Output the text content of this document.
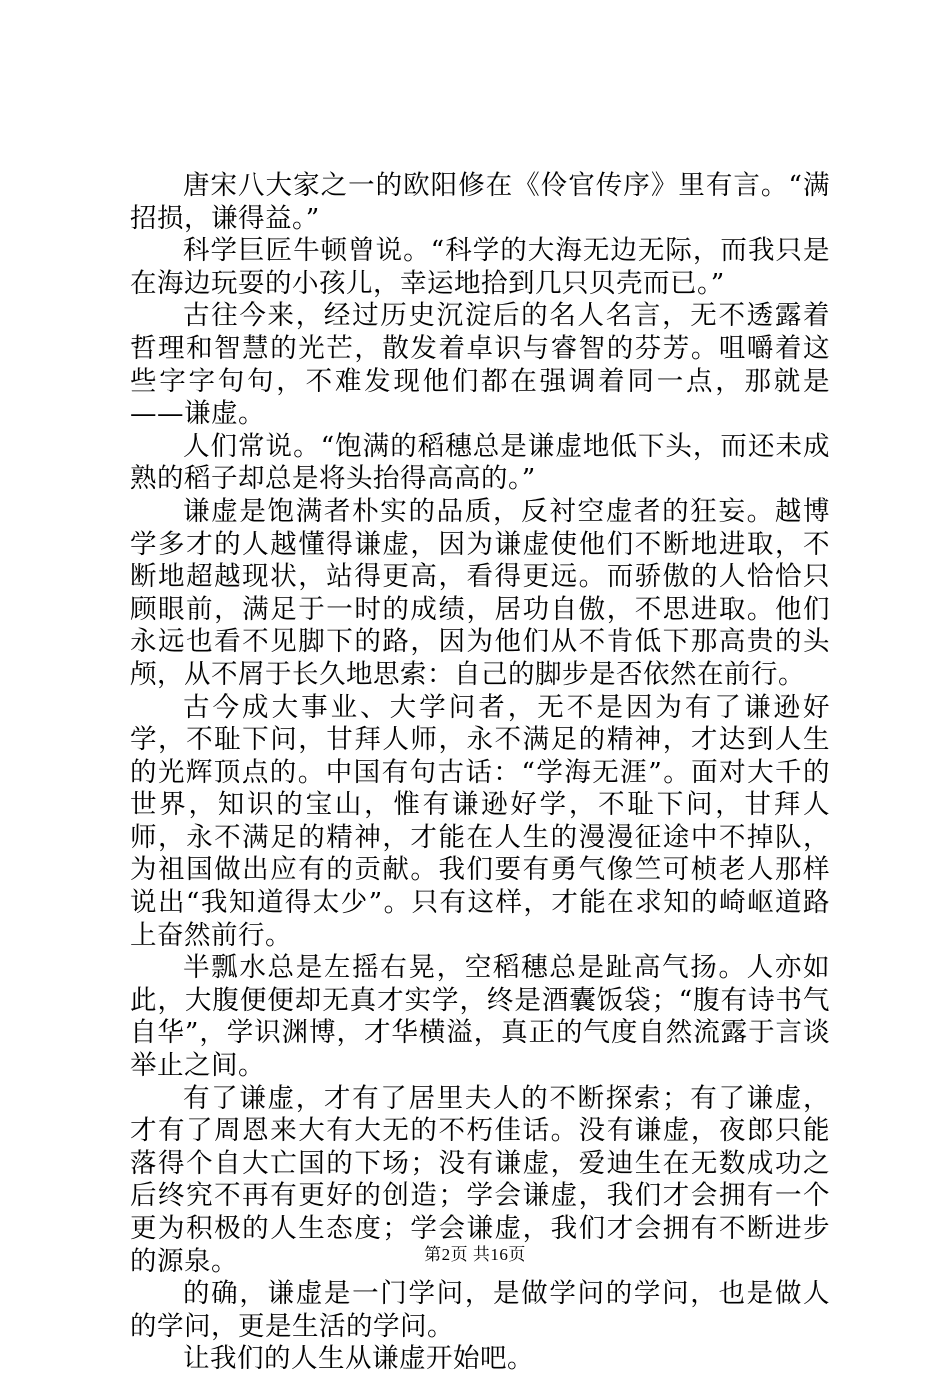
唐宋八大家之一的欧阳修在《伶官传序》里有言。“满招损，谦得益。”

科学巨匠牛顿曾说。“科学的大海无边无际，而我只是在海边玩耍的小孩儿，幸运地拾到几只贝壳而已。”

古往今来，经过历史沉淀后的名人名言，无不透露着哲理和智慧的光芒，散发着卓识与睿智的芬芳。咀嚼着这些字字句句，不难发现他们都在强调着同一点，那就是——谦虚。

人们常说。“饱满的稻穗总是谦虚地低下头，而还未成熟的稻子却总是将头抬得高高的。”

谦虚是饱满者朴实的品质，反衬空虚者的狂妄。越博学多才的人越懂得谦虚，因为谦虚使他们不断地进取，不断地超越现状，站得更高，看得更远。而骄傲的人恰恰只顾眼前，满足于一时的成绩，居功自傲，不思进取。他们永远也看不见脚下的路，因为他们从不肯低下那高贵的头颅，从不屑于长久地思索：自己的脚步是否依然在前行。

古今成大事业、大学问者，无不是因为有了谦逊好学，不耻下问，甘拜人师，永不满足的精神，才达到人生的光辉顶点的。中国有句古话：“学海无涯”。面对大千的世界，知识的宝山，惟有谦逊好学，不耻下问，甘拜人师，永不满足的精神，才能在人生的漫漫征途中不掉队，为祖国做出应有的贡献。我们要有勇气像竺可桢老人那样说出“我知道得太少”。只有这样，才能在求知的崎岖道路上奋然前行。

半瓢水总是左摇右晃，空稻穗总是趾高气扬。人亦如此，大腹便便却无真才实学，终是酒囊饭袋；“腹有诗书气自华”，学识渊博，才华横溢，真正的气度自然流露于言谈举止之间。

有了谦虚，才有了居里夫人的不断探索；有了谦虚，才有了周恩来大有大无的不朽佳话。没有谦虚，夜郎只能落得个自大亡国的下场；没有谦虚，爱迪生在无数成功之后终究不再有更好的创造；学会谦虚，我们才会拥有一个更为积极的人生态度；学会谦虚，我们才会拥有不断进步的源泉。

的确，谦虚是一门学问，是做学问的学问，也是做人的学问，更是生活的学问。

让我们的人生从谦虚开始吧。

第2页 共16页
